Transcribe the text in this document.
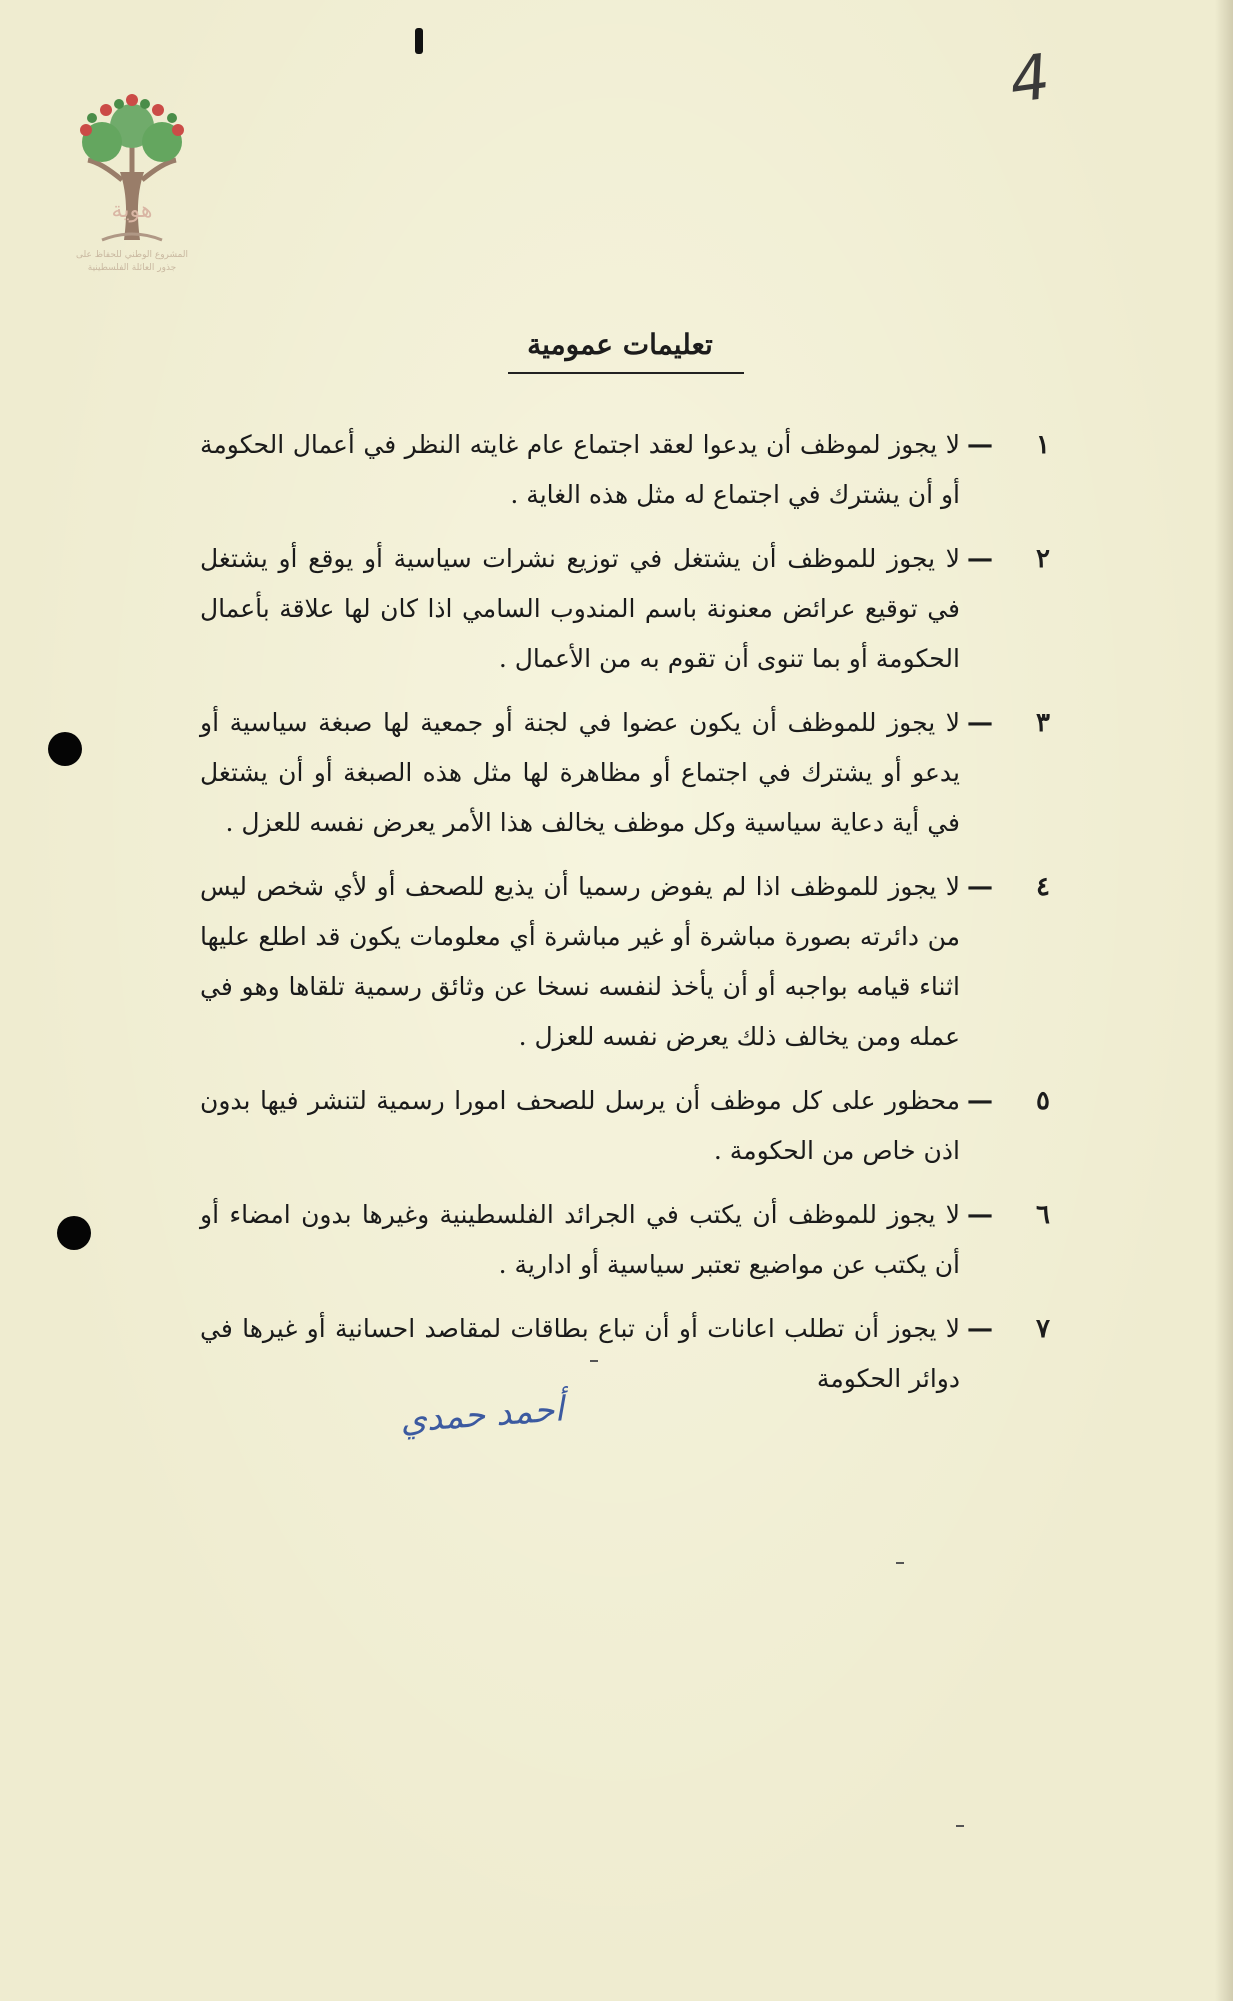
هوية
المشروع الوطني للحفاظ على
جذور العائلة الفلسطينية
4
تعليمات عمومية
١
—
لا يجوز لموظف أن يدعوا لعقد اجتماع عام غايته النظر في أعمال الحكومة أو أن يشترك في اجتماع له مثل هذه الغاية .
٢
—
لا يجوز للموظف أن يشتغل في توزيع نشرات سياسية أو يوقع أو يشتغل في توقيع عرائض معنونة باسم المندوب السامي اذا كان لها علاقة بأعمال الحكومة أو بما تنوى أن تقوم به من الأعمال .
٣
—
لا يجوز للموظف أن يكون عضوا في لجنة أو جمعية لها صبغة سياسية أو يدعو أو يشترك في اجتماع أو مظاهرة لها مثل هذه الصبغة أو أن يشتغل في أية دعاية سياسية وكل موظف يخالف هذا الأمر يعرض نفسه للعزل .
٤
—
لا يجوز للموظف اذا لم يفوض رسميا أن يذيع للصحف أو لأي شخص ليس من دائرته بصورة مباشرة أو غير مباشرة أي معلومات يكون قد اطلع عليها اثناء قيامه بواجبه أو أن يأخذ لنفسه نسخا عن وثائق رسمية تلقاها وهو في عمله ومن يخالف ذلك يعرض نفسه للعزل .
٥
—
محظور على كل موظف أن يرسل للصحف امورا رسمية لتنشر فيها بدون اذن خاص من الحكومة .
٦
—
لا يجوز للموظف أن يكتب في الجرائد الفلسطينية وغيرها بدون امضاء أو أن يكتب عن مواضيع تعتبر سياسية أو ادارية .
٧
—
لا يجوز أن تطلب اعانات أو أن تباع بطاقات لمقاصد احسانية أو غيرها في دوائر الحكومة
أحمد حمدي
